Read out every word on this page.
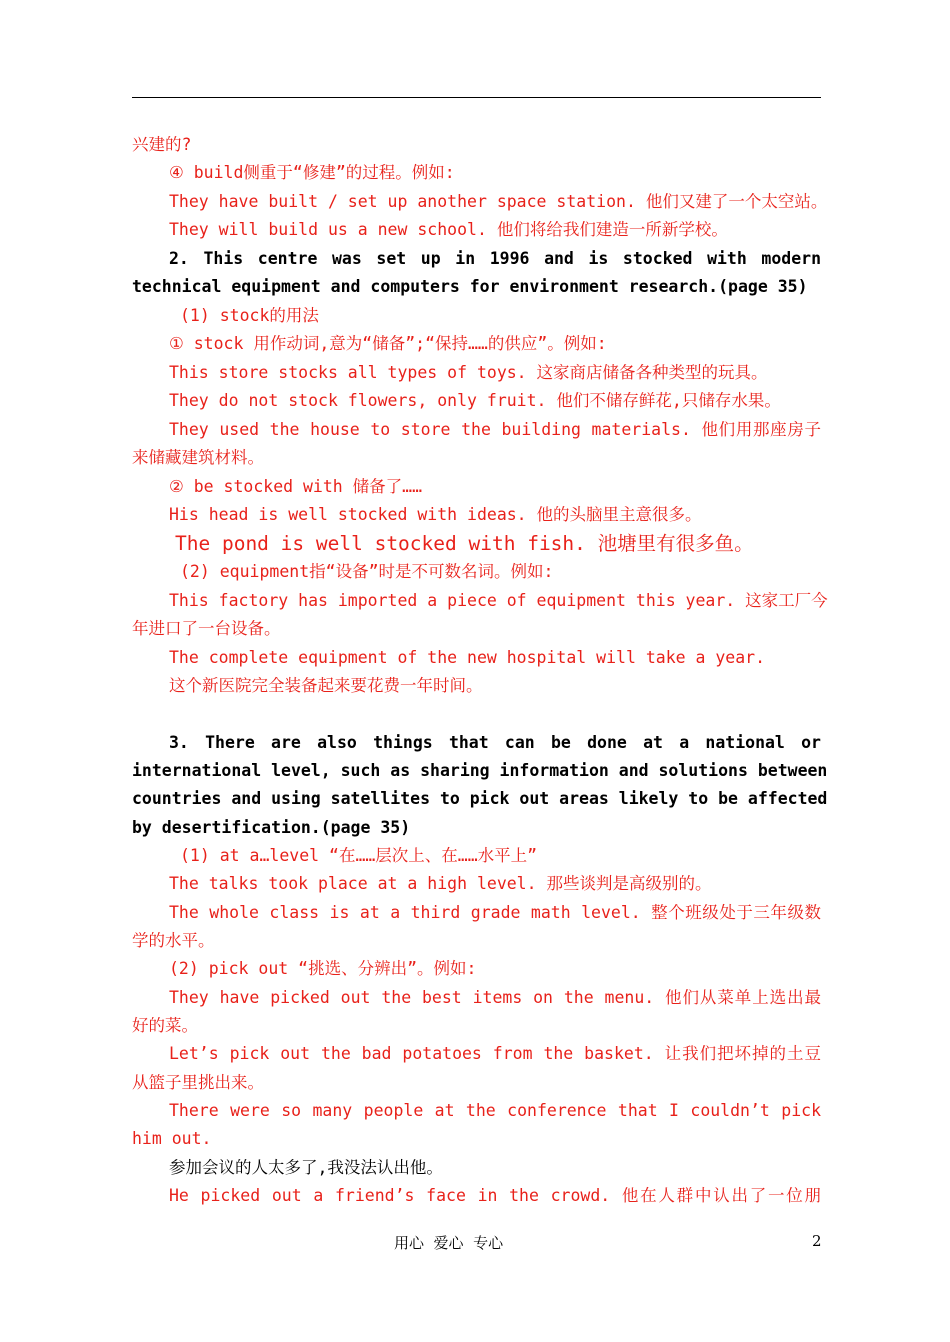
兴建的?
④ build侧重于“修建”的过程。例如:
They have built / set up another space station. 他们又建了一个太空站。
They will build us a new school. 他们将给我们建造一所新学校。
2. This centre was set up in 1996 and is stocked with modern
technical equipment and computers for environment research.(page 35)
(1) stock的用法
① stock 用作动词,意为“储备”;“保持……的供应”。例如:
This store stocks all types of toys. 这家商店储备各种类型的玩具。
They do not stock flowers, only fruit. 他们不储存鲜花,只储存水果。
They used the house to store the building materials. 他们用那座房子
来储藏建筑材料。
② be stocked with 储备了……
His head is well stocked with ideas. 他的头脑里主意很多。
The pond is well stocked with fish. 池塘里有很多鱼。
(2) equipment指“设备”时是不可数名词。例如:
This factory has imported a piece of equipment this year. 这家工厂今
年进口了一台设备。
The complete equipment of the new hospital will take a year.
这个新医院完全装备起来要花费一年时间。
3. There are also things that can be done at a national or
international level, such as sharing information and solutions between
countries and using satellites to pick out areas likely to be affected
by desertification.(page 35)
(1) at a…level “在……层次上、在……水平上”
The talks took place at a high level. 那些谈判是高级别的。
The whole class is at a third grade math level. 整个班级处于三年级数
学的水平。
(2) pick out “挑选、分辨出”。例如:
They have picked out the best items on the menu. 他们从菜单上选出最
好的菜。
Let’s pick out the bad potatoes from the basket. 让我们把坏掉的土豆
从篮子里挑出来。
There were so many people at the conference that I couldn’t pick
him out.
参加会议的人太多了,我没法认出他。
He picked out a friend’s face in the crowd. 他在人群中认出了一位朋
用心  爱心  专心	2
